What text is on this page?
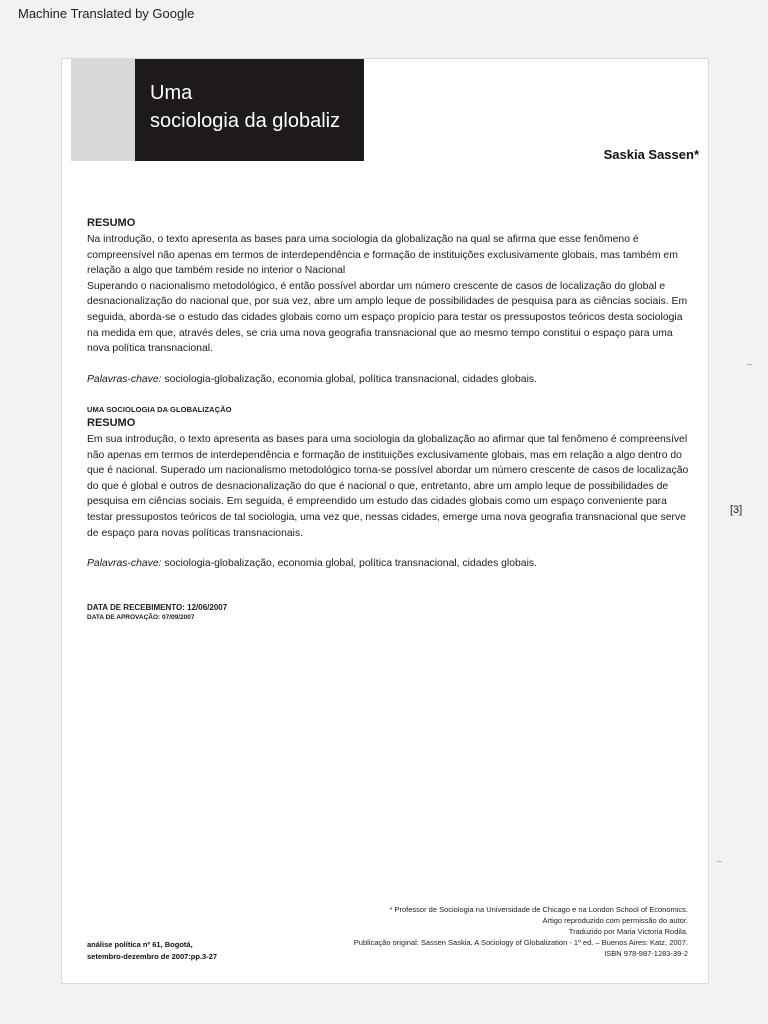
Machine Translated by Google
Uma
sociologia da globaliz
Saskia Sassen*
RESUMO

Na introdução, o texto apresenta as bases para uma sociologia da globalização na qual se afirma que esse fenômeno é compreensível não apenas em termos de interdependência e formação de instituições exclusivamente globais, mas também em relação a algo que também reside no interior o Nacional

Superando o nacionalismo metodológico, é então possível abordar um número crescente de casos de localização do global e desnacionalização do nacional que, por sua vez, abre um amplo leque de possibilidades de pesquisa para as ciências sociais. Em seguida, aborda-se o estudo das cidades globais como um espaço propício para testar os pressupostos teóricos desta sociologia na medida em que, através deles, se cria uma nova geografia transnacional que ao mesmo tempo constitui o espaço para uma nova política transnacional.

Palavras-chave: sociologia-globalização, economia global, política transnacional, cidades globais.
UMA SOCIOLOGIA DA GLOBALIZAÇÃO
RESUMO

Em sua introdução, o texto apresenta as bases para uma sociologia da globalização ao afirmar que tal fenômeno é compreensível não apenas em termos de interdependência e formação de instituições exclusivamente globais, mas em relação a algo dentro do que é nacional. Superado um nacionalismo metodológico torna-se possível abordar um número crescente de casos de localização do que é global e outros de desnacionalização do que é nacional o que, entretanto, abre um amplo leque de possibilidades de pesquisa em ciências sociais. Em seguida, é empreendido um estudo das cidades globais como um espaço conveniente para testar pressupostos teóricos de tal sociologia, uma vez que, nessas cidades, emerge uma nova geografia transnacional que serve de espaço para novas políticas transnacionais.

Palavras-chave: sociologia-globalização, economia global, política transnacional, cidades globais.
DATA DE RECEBIMENTO: 12/06/2007
DATA DE APROVAÇÃO: 07/09/2007
* Professor de Sociologia na Universidade de Chicago e na London School of Economics.
Artigo reproduzido com permissão do autor.
Traduzido por Maria Victoria Rodila.
Publicação original: Sassen Saskia, A Sociology of Globalization - 1º ed. – Buenos Aires: Katz, 2007.
ISBN 978-987-1283-39-2
análise política nº 61, Bogotá,
setembro-dezembro de 2007:pp.3-27
[3]
